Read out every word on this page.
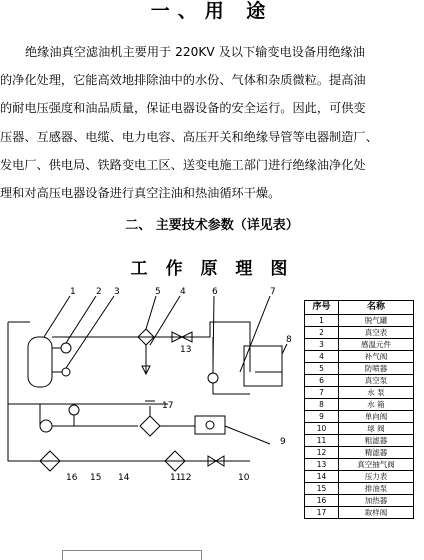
一、用 途

绝缘油真空滤油机主要用于 220KV 及以下输变电设备用绝缘油

的净化处理，它能高效地排除油中的水份、气体和杂质微粒。提高油

的耐电压强度和油品质量，保证电器设备的安全运行。因此，可供变

压器、互感器、电缆、电力电容、高压开关和绝缘导管等电器制造厂、

发电厂、供电局、铁路变电工区、送变电施工部门进行绝缘油净化处

理和对高压电器设备进行真空注油和热油循环干燥。

二、 主要技术参数（详见表）
工 作 原 理 图
1 2 3	5 4	6	7
8
13
17
9
14
15
16	11
12	10
序号	名称
1	脱气罐
2	真空表
3	感温元件
4	补气阀
5	防喷器
6	真空泵
7	水 泵
8	水 箱
9	单向阀
10	球 阀
11	粗滤器
12	精滤器
13	真空抽气阀
14	压力表
15	排油泵
16	加热器
17	取样阀
